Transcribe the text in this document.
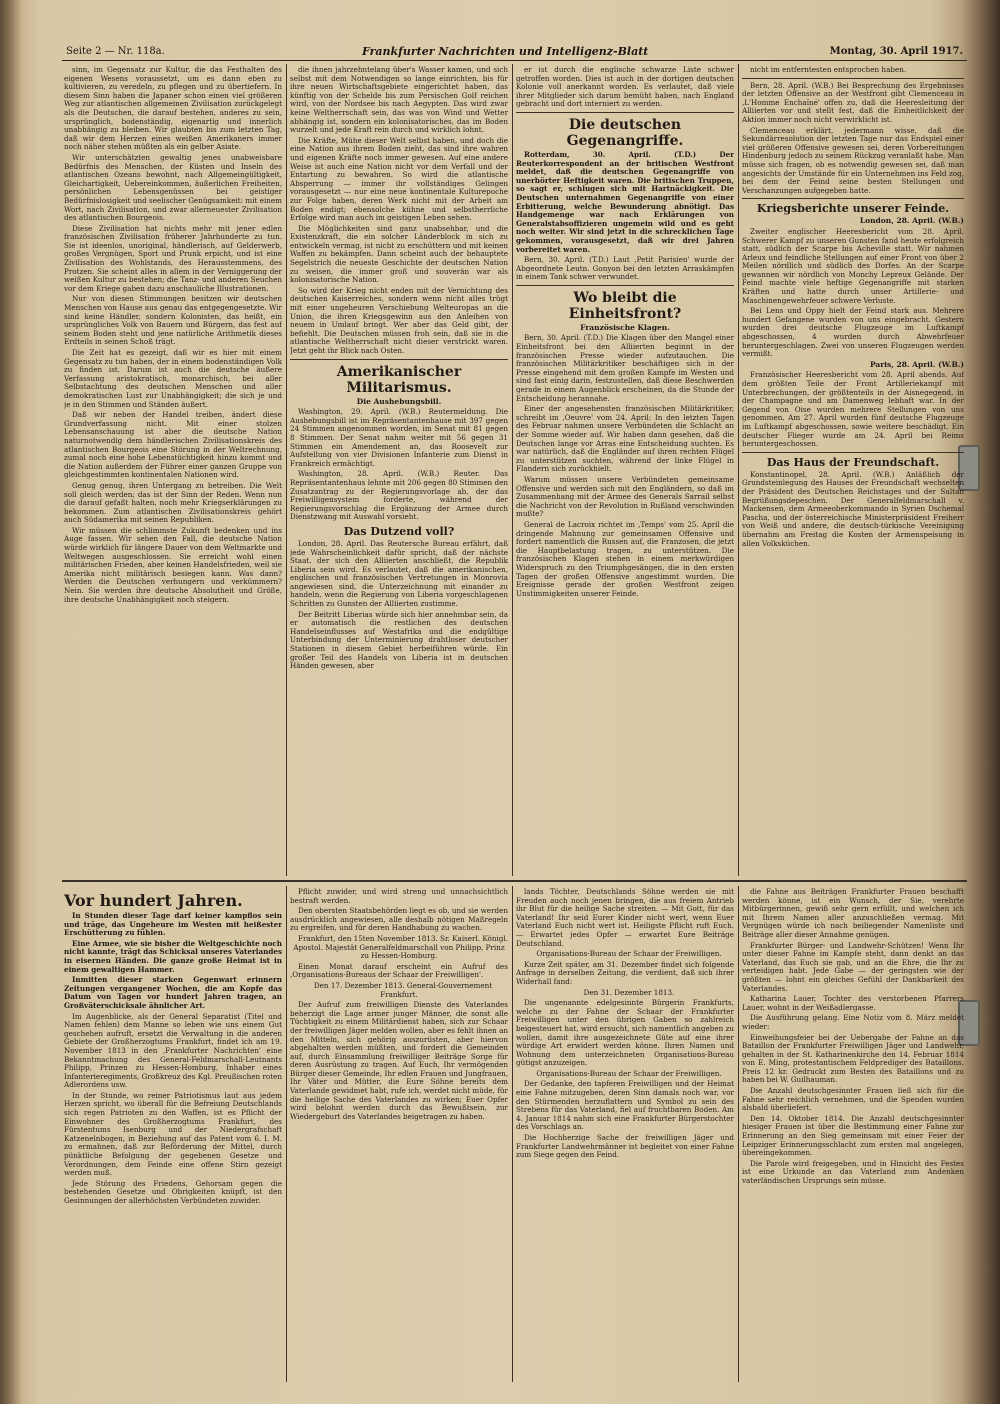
Seite 2 — Nr. 118a.	Frankfurter Nachrichten und Intelligenz-Blatt	Montag, 30. April 1917.

sinn, im Gegensatz zur Kultur, die das Festhalten des eigenen Wesens voraussetzt, um es dann eben zu kultivieren, zu veredeln, zu pflegen und zu übertiefern. In diesem Sinn haben die Japaner schon einen viel größeren Weg zur atlantischen allgemeinen Zivilisation zurückgelegt als die Deutschen, die darauf bestehen, anderes zu sein, ursprünglich, bodenständig, eigenartig und innerlich unabhängig zu bleiben. Wir glaubten bis zum letzten Tag, daß wir dem Herzen eines weißen Amerikaners immer noch näher stehen müßten als ein gelber Asiate.

Wir unterschätzten gewaltig jenes unabweisbare Bedürfnis des Menschen, der Küsten und Inseln des atlantischen Ozeans bewohnt, nach Allgemeingültigkeit, Gleichartigkeit, Uebereinkommen, äußerlichen Freiheiten, persönlichen Lebensgenüssen bei geistiger Bedürfnislosigkeit und seelischer Genügsamkeit: mit einem Wort, nach Zivilisation, und zwar allerneuester Zivilisation des atlantischen Bourgeois.

Diese Zivilisation hat nichts mehr mit jener edlen französischen Zivilisation früherer Jahrhunderte zu tun. Sie ist ideenlos, unoriginal, händlerisch, auf Gelderwerb, großes Vergnügen, Sport und Prunk erpicht, und ist eine Zivilisation des Wohlstands, des Herausstemmens, des Protzen. Sie scheint alles in allem in der Verniggerung der weißen Kultur zu bestehen; die Tanz- und anderen Seuchen vor dem Kriege gaben dazu anschauliche Illustrationen.

Nur von diesen Stimmungen besitzen wir deutschen Menschen von Hause aus genau das entgegengesetzte. Wir sind keine Händler, sondern Kolonisten, das heißt, ein ursprüngliches Volk von Bauern und Bürgern, das fest auf seinem Boden steht und jene natürliche Arithmetik dieses Erdteils in seinen Schoß trägt.

Die Zeit hat es gezeigt, daß wir es hier mit einem Gegensatz zu tun haben, der in einem bodenständigen Volk zu finden ist. Darum ist auch die deutsche äußere Verfassung aristokratisch, monarchisch, bei aller Selbstachtung des deutschen Menschen und aller demokratischen Lust zur Unabhängigkeit; die sich je und je in den Stimmen und Ständen äußert.

Daß wir neben der Handel treiben, ändert diese Grundverfassung nicht. Mit einer stolzen Lebensanschauung ist aber die deutsche Nation naturnotwendig dem händlerischen Zivilisationskreis des atlantischen Bourgeois eine Störung in der Weltrechnung, zumal noch eine hohe Lebenstüchtigkeit hinzu kommt und die Nation außerdem der Führer einer ganzen Gruppe von gleichgestimmten kontinentalen Nationen wird.

Genug genug, ihren Untergang zu betreiben. Die Welt soll gleich werden; das ist der Sinn der Reden. Wenn nun die darauf gefaßt halten, noch mehr Kriegserklärungen zu bekommen. Zum atlantischen Zivilisationskreis gehört auch Südamerika mit seinen Republiken.

Wir müssen die schlimmste Zukunft bedenken und ins Auge fassen. Wir sehen den Fall, die deutsche Nation würde wirklich für längere Dauer von dem Weltmarkte und Weltwegen ausgeschlossen. Sie erreicht wohl einen militärischen Frieden, aber keinen Handelsfrieden, weil sie Amerika nicht militärisch besiegen kann. Was dann? Werden die Deutschen verhungern und verkümmern? Nein. Sie werden ihre deutsche Absolutheit und Größe, ihre deutsche Unabhängigkeit noch steigern.

die ihnen jahrzehntelang über's Wasser kamen, und sich selbst mit dem Notwendigen so lange einrichten, bis für ihre neuen Wirtschaftsgebiete eingerichtet haben, das künftig von der Schelde bis zum Persischen Golf reichen wird, von der Nordsee bis nach Aegypten. Das wird zwar keine Weltherrschaft sein, das was von Wind und Wetter abhängig ist, sondern ein kolonisatorisches, das im Boden wurzelt und jede Kraft rein durch und wirklich lohnt.

Die Kräfte, Mühe dieser Welt selbst haben, und doch die eine Nation aus ihrem Boden zieht, das sind ihre wahren und eigenen Kräfte noch immer gewesen. Auf eine andere Weise ist auch eine Nation nicht vor dem Verfall und der Entartung zu bewahren. So wird die atlantische Absperrung — immer ihr vollständiges Gelingen vorausgesetzt — nur eine neue kontinentale Kulturepoche zur Folge haben, deren Werk nicht mit der Arbeit am Boden endigt; ebensolche kühne und selbstherrliche Erfolge wird man auch im geistigen Leben sehen.

Die Möglichkeiten sind ganz unabsehbar, und die Existenzkraft, die ein solcher Länderblock in sich zu entwickeln vermag, ist nicht zu erschüttern und mit keinen Waffen zu bekämpfen. Dann scheint auch der behauptete Segelstrich die neueste Geschichte der deutschen Nation zu weisen, die immer groß und souverän war als kolonisatorische Nation.

So wird der Krieg nicht enden mit der Vernichtung des deutschen Kaiserreiches, sondern wenn nicht alles trügt mit einer ungeheuren Verschiebung Welteuropas an die Union, die ihren Kriegsgewinn aus den Anleihen von neuem in Umlauf bringt. Wer aber das Geld gibt, der befiehlt. Die Deutschen müssen froh sein, daß sie in die atlantische Weltherrschaft nicht dieser verstrickt waren. Jetzt geht ihr Blick nach Osten.

Amerikanischer Militarismus.
Die Aushebungsbill.

Washington, 29. April. (W.B.) Reutermeldung. Die Aushebungsbill ist im Repräsentantenhause mit 397 gegen 24 Stimmen angenommen worden, im Senat mit 81 gegen 8 Stimmen. Der Senat nahm weiter mit 56 gegen 31 Stimmen ein Amendement an, das Roosevelt zur Aufstellung von vier Divisionen Infanterie zum Dienst in Frankreich ermächtigt.

Washington, 28. April. (W.B.) Reuter. Das Repräsentantenhaus lehnte mit 206 gegen 80 Stimmen den Zusatzantrag zu der Regierungsvorlage ab, der das Freiwilligensystem forderte, während der Regierungsvorschlag die Ergänzung der Armee durch Dienstzwang mit Auswahl vorsieht.

Das Dutzend voll?

London, 28. April. Das Reutersche Bureau erfährt, daß jede Wahrscheinlichkeit dafür spricht, daß der nächste Staat, der sich den Alliierten anschließt, die Republik Liberia sein wird. Es verlautet, daß die amerikanischen, englischen und französischen Vertretungen in Monrovia angewiesen sind, die Unterzeichnung mit einander zu handeln, wenn die Regierung von Liberia vorgeschlagenen Schritten zu Gunsten der Alliierten zustimme.

Der Beitritt Liberias würde sich hier annehmbar sein, da er automatisch die restlichen des deutschen Handelseinflusses auf Westafrika und die endgültige Unterbindung der Unterminierung drahtloser deutscher Stationen in diesem Gebiet herbeiführen würde. Ein großer Teil des Handels von Liberia ist in deutschen Händen gewesen, aber

er ist durch die englische schwarze Liste schwer getroffen worden. Dies ist auch in der dortigen deutschen Kolonie voll anerkannt worden. Es verlautet, daß viele ihrer Mitglieder sich darum bemüht haben, nach England gebracht und dort interniert zu werden.

Die deutschen Gegenangriffe.

Rotterdam, 30. April. (T.D.) Der Reuterkorrespondent an der britischen Westfront meldet, daß die deutschen Gegenangriffe von unerhörter Heftigkeit waren. Die britischen Truppen, so sagt er, schlugen sich mit Hartnäckigkeit. Die Deutschen unternahmen Gegenangriffe von einer Erbitterung, welche Bewunderung abnötigt. Das Handgemenge war nach Erklärungen von Generalstabsoffizieren ungemein wild und es geht noch weiter. Wir sind jetzt in die schrecklichen Tage gekommen, vorausgesetzt, daß wir drei Jahren vorbereitet waren.

Bern, 30. April. (T.D.) Laut ‚Petit Parisien' wurde der Abgeordnete Leutn. Gonyon bei den letzten Arraskämpfen in einem Tank schwer verwundet.

Wo bleibt die Einheitsfront?
Französische Klagen.

Bern, 30. April. (T.D.) Die Klagen über den Mangel einer Einheitsfront bei den Alliierten beginnt in der französischen Presse wieder aufzutauchen. Die französischen Militärkritiker beschäftigen sich in der Presse eingehend mit dem großen Kampfe im Westen und sind fast einig darin, festzustellen, daß diese Beschwerden gerade in einem Augenblick erscheinen, da die Stunde der Entscheidung herannahe.

Einer der angesehensten französischen Militärkritiker, schreibt im ‚Oeuvre' vom 24. April: In den letzten Tagen des Februar nahmen unsere Verbündeten die Schlacht an der Somme wieder auf. Wir haben dann gesehen, daß die Deutschen lange vor Arras eine Entscheidung suchten. Es war natürlich, daß die Engländer auf ihren rechten Flügel zu unterstützen suchten, während der linke Flügel in Flandern sich zurückhielt.

Warum müssen unsere Verbündeten gemeinsame Offensive und werden sich mit den Engländern, so daß im Zusammenhang mit der Armee des Generals Sarrail selbst die Nachricht von der Revolution in Rußland verschwinden mußte?

General de Lacroix richtet im ‚Temps' vom 25. April die dringende Mahnung zur gemeinsamen Offensive und fordert namentlich die Russen auf, die Franzosen, die jetzt die Hauptbelastung tragen, zu unterstützen. Die französischen Klagen stehen in einem merkwürdigen Widerspruch zu den Triumphgesängen, die in den ersten Tagen der großen Offensive angestimmt wurden. Die Ereignisse gerade der großen Westfront zeigen Unstimmigkeiten unserer Feinde.

nicht im entferntesten entsprochen haben.

Bern, 28. April. (W.B.) Bei Besprechung des Ergebnisses der letzten Offensive an der Westfront gibt Clemenceau in ‚L'Homme Enchaîné' offen zu, daß die Heeresleitung der Alliierten vor und stellt fest, daß die Einheitlichkeit der Aktion immer noch nicht verwirklicht ist.

Clemenceau erklärt, jedermann wisse, daß die Sekundärresolution der letzten Tage nur das Endspiel einer viel größeren Offensive gewesen sei, deren Vorbereitungen Hindenburg jedoch zu seinem Rückzug veranlaßt habe. Man müsse sich fragen, ob es notwendig gewesen sei, daß man angesichts der Umstände für ein Unternehmen ins Feld zog, bei dem der Feind seine besten Stellungen und Verschanzungen aufgegeben hatte.

Kriegsberichte unserer Feinde.
London, 28. April. (W.B.)

Zweiter englischer Heeresbericht vom 28. April. Schwerer Kampf zu unseren Gunsten fand heute erfolgreich statt, südlich der Scarpe bis Acheville statt. Wir nahmen Arleux und feindliche Stellungen auf einer Front von über 2 Meilen nördlich und südlich des Dorfes. An der Scarpe gewannen wir nördlich von Monchy Lepreux Gelände. Der Feind machte viele heftige Gegenangriffe mit starken Kräften und hatte durch unser Artillerie- und Maschinengewehrfeuer schwere Verluste.

Bei Lens und Oppy hielt der Feind stark aus. Mehrere hundert Gefangene wurden von uns eingebracht. Gestern wurden drei deutsche Flugzeuge im Luftkampf abgeschossen, 4 wurden durch Abwehrfeuer heruntergeschlagen. Zwei von unseren Flugzeugen werden vermißt.

Paris, 28. April. (W.B.)

Französischer Heeresbericht vom 28. April abends. Auf dem größten Teile der Front Artilleriekampf mit Unterbrechungen, der größtenteils in der Aisnegegend, in der Champagne und am Damenweg lebhaft war. In der Gegend von Oise wurden mehrere Stellungen von uns genommen. Am 27. April wurden fünf deutsche Flugzeuge im Luftkampf abgeschossen, sowie weitere beschädigt. Ein deutscher Flieger wurde am 24. April bei Reims heruntergeschossen.

Das Haus der Freundschaft.

Konstantinopel, 28. April. (W.B.) Anläßlich der Grundsteinlegung des Hauses der Freundschaft wechselten der Präsident des Deutschen Reichstages und der Sultan Begrüßungsdepeschen. Der Generalfeldmarschall v. Mackensen, dem Armeeoberkommando in Syrien Dschemal Pascha, und der österreichische Ministerpräsident Freiherr von Weiß und andere, die deutsch-türkische Vereinigung übernahm am Freitag die Kosten der Armenspeisung in allen Volksküchen.

Vor hundert Jahren.

In Stunden dieser Tage darf keiner kampflos sein und träge, das Ungeheure im Westen mit heißester Erschütterung zu fühlen.

Eine Armee, wie sie bisher die Weltgeschichte noch nicht kannte, trägt das Schicksal unseres Vaterlandes in eisernen Händen. Die ganze große Heimat ist in einem gewaltigen Hammer.

Inmitten dieser starken Gegenwart erinnern Zeitungen vergangener Wochen, die am Kopfe das Datum von Tagen vor hundert Jahren tragen, an Großväterschicksale ähnlicher Art.

Im Augenblicke, als der General Separatist (Titel und Namen fehlen) dem Manne so leben wie uns einem Gut geschehen aufruft, ersetzt die Verwaltung in die anderen Gebiete der Großherzogtums Frankfurt, findet ich am 19. November 1813 in den ‚Frankfurter Nachrichten' eine Bekanntmachung des General-Feldmarschall-Leutnants Philipp, Prinzen zu Hessen-Homburg, Inhaber eines Infanterieregiments, Großkreuz des Kgl. Preußischen roten Adlerordens usw.

In der Stunde, wo reiner Patriotismus laut aus jedem Herzen spricht, wo überall für die Befreiung Deutschlands sich regen Patrioten zu den Waffen, ist es Pflicht der Einwohner des Großherzogtums Frankfurt, des Fürstentums Isenburg und der Niedergrafschaft Katzenelnbogen, in Beziehung auf das Patent vom 6. I. M. zu ermahnen, daß zur Beförderung der Mittel, durch pünktliche Befolgung der gegebenen Gesetze und Verordnungen, dem Feinde eine offene Stirn gezeigt werden muß.

Jede Störung des Friedens, Gehorsam gegen die bestehenden Gesetze und Obrigkeiten knüpft, ist den Gesinnungen der allerhöchsten Verbündeten zuwider.

Pflicht zuwider, und wird streng und unnachsichtlich bestraft werden.

Den obersten Staatsbehörden liegt es ob, und sie werden ausdrücklich angewiesen, alle deshalb nötigen Maßregeln zu ergreifen, und für deren Handhabung zu wachen.

Frankfurt, den 15ten November 1813. Sr. Kaiserl. Königl. Apostol. Majestät Generalfeldmarschall von Philipp, Prinz zu Hessen-Homburg.

Einen Monat darauf erscheint ein Aufruf des ‚Organisations-Bureaus der Schaar der Freiwilligen'.

Den 17. Dezember 1813. General-Gouvernement Frankfurt.

Der Aufruf zum freiwilligen Dienste des Vaterlandes beherzigt die Lage armer junger Männer, die sonst alle Tüchtigkeit zu einem Militärdienst haben, sich zur Schaar der freiwilligen Jäger melden wollen, aber es fehlt ihnen an den Mitteln, sich gehörig auszurüsten, aber hiervon abgehalten werden müßten, und fordert die Gemeinden auf, durch Einsammlung freiwilliger Beiträge Sorge für deren Ausrüstung zu tragen. Auf Euch, Ihr vermögenden Bürger dieser Gemeinde, Ihr edlen Frauen und Jungfrauen, Ihr Väter und Mütter, die Eure Söhne bereits dem Vaterlande gewidmet habt, rufe ich, werdet nicht müde, für die heilige Sache des Vaterlandes zu wirken; Euer Opfer wird belohnt werden durch das Bewußtsein, zur Wiedergeburt des Vaterlandes beigetragen zu haben.

lands Töchter, Deutschlands Söhne werden sie mit Freuden auch noch jenen bringen, die aus freiem Antrieb ihr Blut für die heilige Sache streiten. — Mit Gott, für das Vaterland! Ihr seid Eurer Kinder nicht wert, wenn Euer Vaterland Euch nicht wert ist. Heiligste Pflicht ruft Euch. — Erwartet jedes Opfer — erwartet Eure Beiträge Deutschland.

Organisations-Bureau der Schaar der Freiwilligen.

Kurze Zeit später, am 31. Dezember findet sich folgende Anfrage in derselben Zeitung, die verdient, daß sich ihrer Widerhall fand:

Den 31. Dezember 1813.

Die ungenannte edelgesinnte Bürgerin Frankfurts, welche zu der Fahne der Schaar der Frankfurter Freiwilligen unter den übrigen Gaben so zahlreich beigesteuert hat, wird ersucht, sich namentlich angeben zu wollen, damit ihre ausgezeichnete Güte auf eine ihrer würdige Art erwidert werden könne. Ihren Namen und Wohnung dem unterzeichneten Organisations-Bureau gütigst anzuzeigen.

Organisations-Bureau der Schaar der Freiwilligen.

Der Gedanke, den tapferen Freiwilligen und der Heimat eine Fahne mitzugeben, deren Sinn damals noch war, vor den Stürmenden herzuflattern und Symbol zu sein des Strebens für das Vaterland, fiel auf fruchtbaren Boden. Am 4. Januar 1814 nahm sich eine Frankfurter Bürgerstochter des Vorschlags an.

Die Hochherzige Sache der freiwilligen Jäger und Frankfurter Landwehrmänner ist begleitet von einer Fahne zum Siege gegen den Feind.

die Fahne aus Beiträgen Frankfurter Frauen beschafft werden könne, ist ein Wunsch, der Sie, verehrte Mitbürgerinnen, gewiß sehr gern erfüllt, und welchen ich mit Ihrem Namen aller anzuschließen vermag. Mit Vergnügen würde ich nach beiliegender Namenliste und Beiträge aller dieser Annahme genügen.

Frankfurter Bürger- und Landwehr-Schützen! Wenn Ihr unter dieser Fahne im Kampfe steht, dann denkt an das Vaterland, das Euch sie gab, und an die Ehre, die Ihr zu verteidigen habt. Jede Gabe — der geringsten wie der größten — lohnt ein gleiches Gefühl der Dankbarkeit des Vaterlandes.

Katharina Lauer, Tochter des verstorbenen Pfarrers Lauer, wohnt in der Weißadlergasse.

Die Ausführung gelang. Eine Notiz vom 8. März meldet wieder:

Einweihungsfeier bei der Uebergabe der Fahne an das Bataillon der Frankfurter Freiwilligen Jäger und Landwehr, gehalten in der St. Katharinenkirche den 14. Februar 1814 von E. Ming, protestantischem Feldprediger des Bataillons. Preis 12 kr. Gedruckt zum Besten des Bataillons und zu haben bei W. Guilhauman.

Die Anzahl deutschgesinnter Frauen ließ sich für die Fahne sehr reichlich vernehmen, und die Spenden wurden alsbald überliefert.

Den 14. Oktober 1814. Die Anzahl deutschgesinnter hiesiger Frauen ist über die Bestimmung einer Fahne zur Erinnerung an den Sieg gemeinsam mit einer Feier der Leipziger Erinnerungsschlacht zum ersten mal angelegen, übereingekommen.

Die Parole wird freigegeben, und in Hinsicht des Festes ist eine Urkunde an das Vaterland zum Andenken vaterländischen Ursprungs sein müsse.
